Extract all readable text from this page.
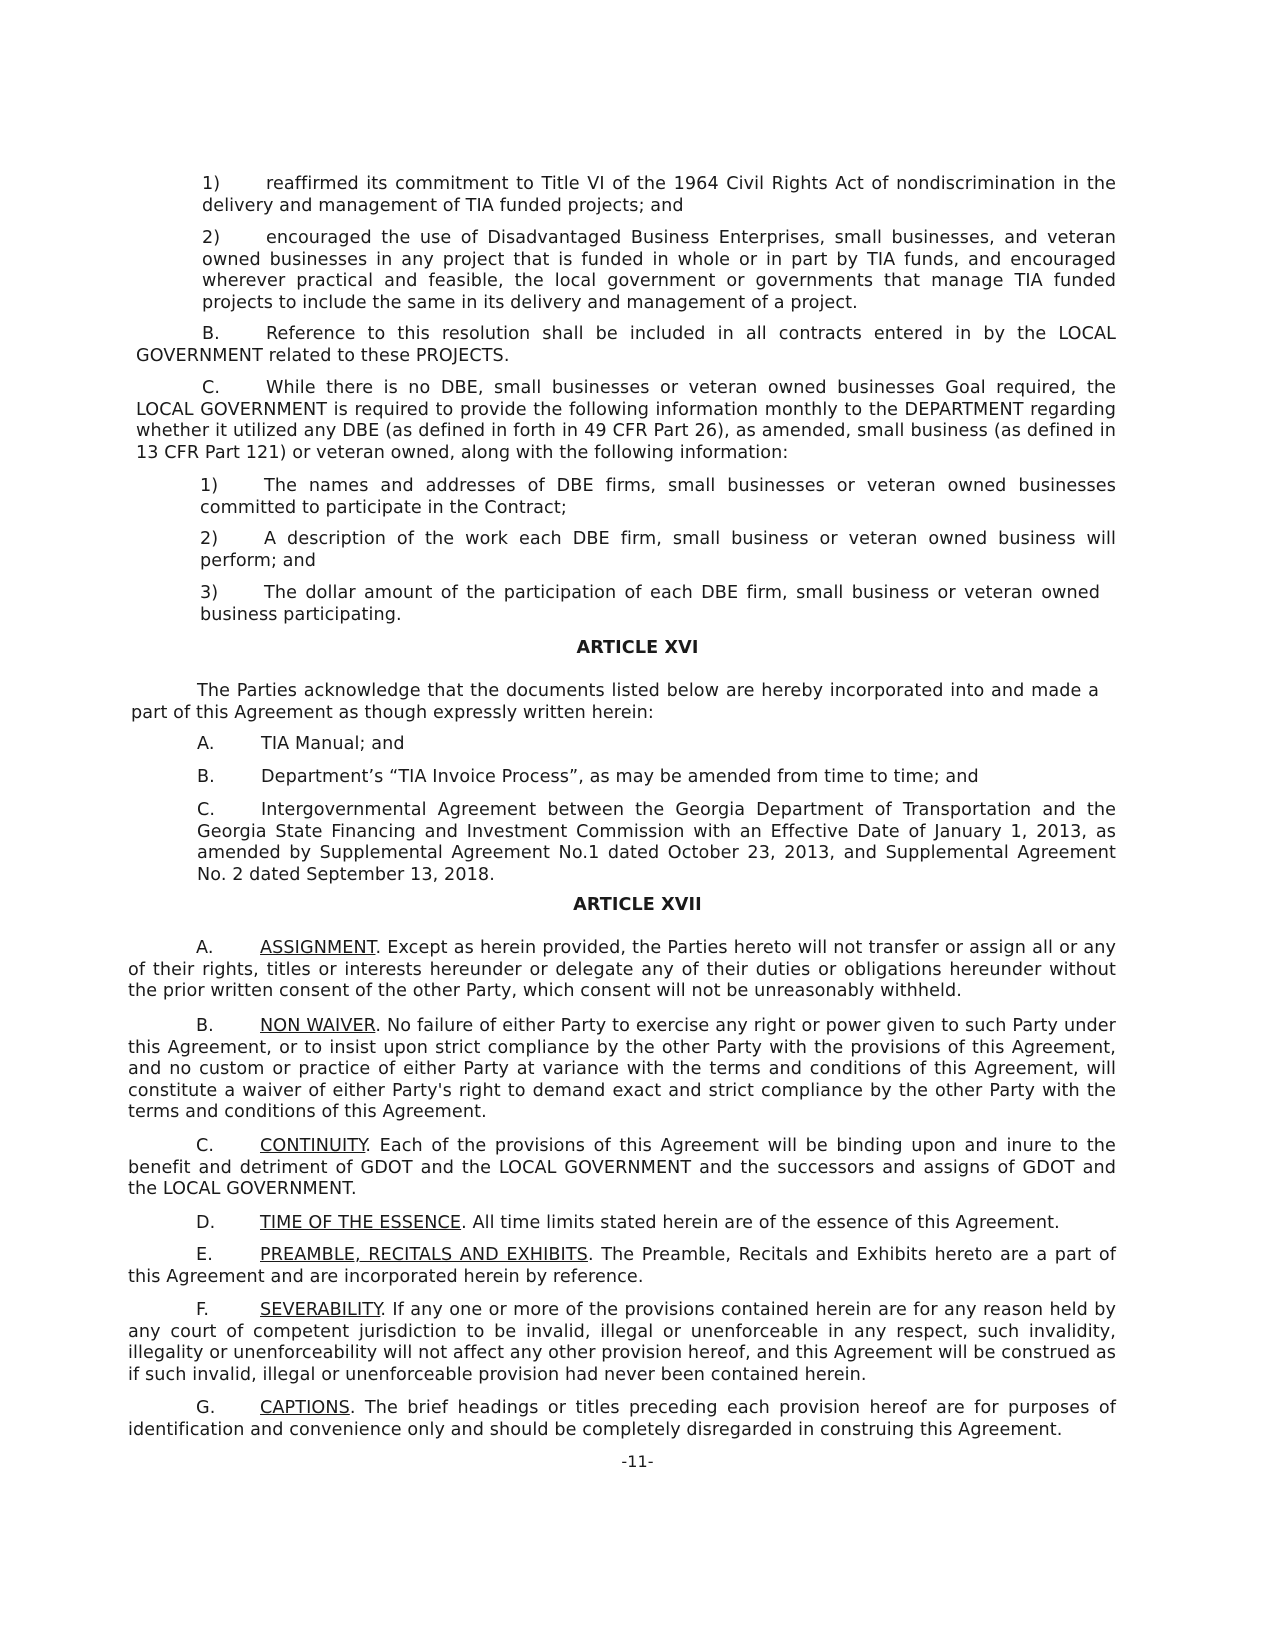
1)	reaffirmed its commitment to Title VI of the 1964 Civil Rights Act of nondiscrimination in the delivery and management of TIA funded projects; and

2)	encouraged the use of Disadvantaged Business Enterprises, small businesses, and veteran owned businesses in any project that is funded in whole or in part by TIA funds, and encouraged wherever practical and feasible, the local government or governments that manage TIA funded projects to include the same in its delivery and management of a project.

B.	Reference to this resolution shall be included in all contracts entered in by the LOCAL GOVERNMENT related to these PROJECTS.

C.	While there is no DBE, small businesses or veteran owned businesses Goal required, the LOCAL GOVERNMENT is required to provide the following information monthly to the DEPARTMENT regarding whether it utilized any DBE (as defined in forth in 49 CFR Part 26), as amended, small business (as defined in 13 CFR Part 121) or veteran owned, along with the following information:

1)	The names and addresses of DBE firms, small businesses or veteran owned businesses committed to participate in the Contract;

2)	A description of the work each DBE firm, small business or veteran owned business will perform; and

3)	The dollar amount of the participation of each DBE firm, small business or veteran owned business participating.

ARTICLE XVI

The Parties acknowledge that the documents listed below are hereby incorporated into and made a part of this Agreement as though expressly written herein:

A.	TIA Manual; and

B.	Department’s “TIA Invoice Process”, as may be amended from time to time; and

C.	Intergovernmental Agreement between the Georgia Department of Transportation and the Georgia State Financing and Investment Commission with an Effective Date of January 1, 2013, as amended by Supplemental Agreement No.1 dated October 23, 2013, and Supplemental Agreement No. 2 dated September 13, 2018.

ARTICLE XVII

A.	ASSIGNMENT. Except as herein provided, the Parties hereto will not transfer or assign all or any of their rights, titles or interests hereunder or delegate any of their duties or obligations hereunder without the prior written consent of the other Party, which consent will not be unreasonably withheld.

B.	NON WAIVER. No failure of either Party to exercise any right or power given to such Party under this Agreement, or to insist upon strict compliance by the other Party with the provisions of this Agreement, and no custom or practice of either Party at variance with the terms and conditions of this Agreement, will constitute a waiver of either Party's right to demand exact and strict compliance by the other Party with the terms and conditions of this Agreement.

C.	CONTINUITY. Each of the provisions of this Agreement will be binding upon and inure to the benefit and detriment of GDOT and the LOCAL GOVERNMENT and the successors and assigns of GDOT and the LOCAL GOVERNMENT.

D.	TIME OF THE ESSENCE. All time limits stated herein are of the essence of this Agreement.

E.	PREAMBLE, RECITALS AND EXHIBITS. The Preamble, Recitals and Exhibits hereto are a part of this Agreement and are incorporated herein by reference.

F.	SEVERABILITY. If any one or more of the provisions contained herein are for any reason held by any court of competent jurisdiction to be invalid, illegal or unenforceable in any respect, such invalidity, illegality or unenforceability will not affect any other provision hereof, and this Agreement will be construed as if such invalid, illegal or unenforceable provision had never been contained herein.

G.	CAPTIONS. The brief headings or titles preceding each provision hereof are for purposes of identification and convenience only and should be completely disregarded in construing this Agreement.

-11-
